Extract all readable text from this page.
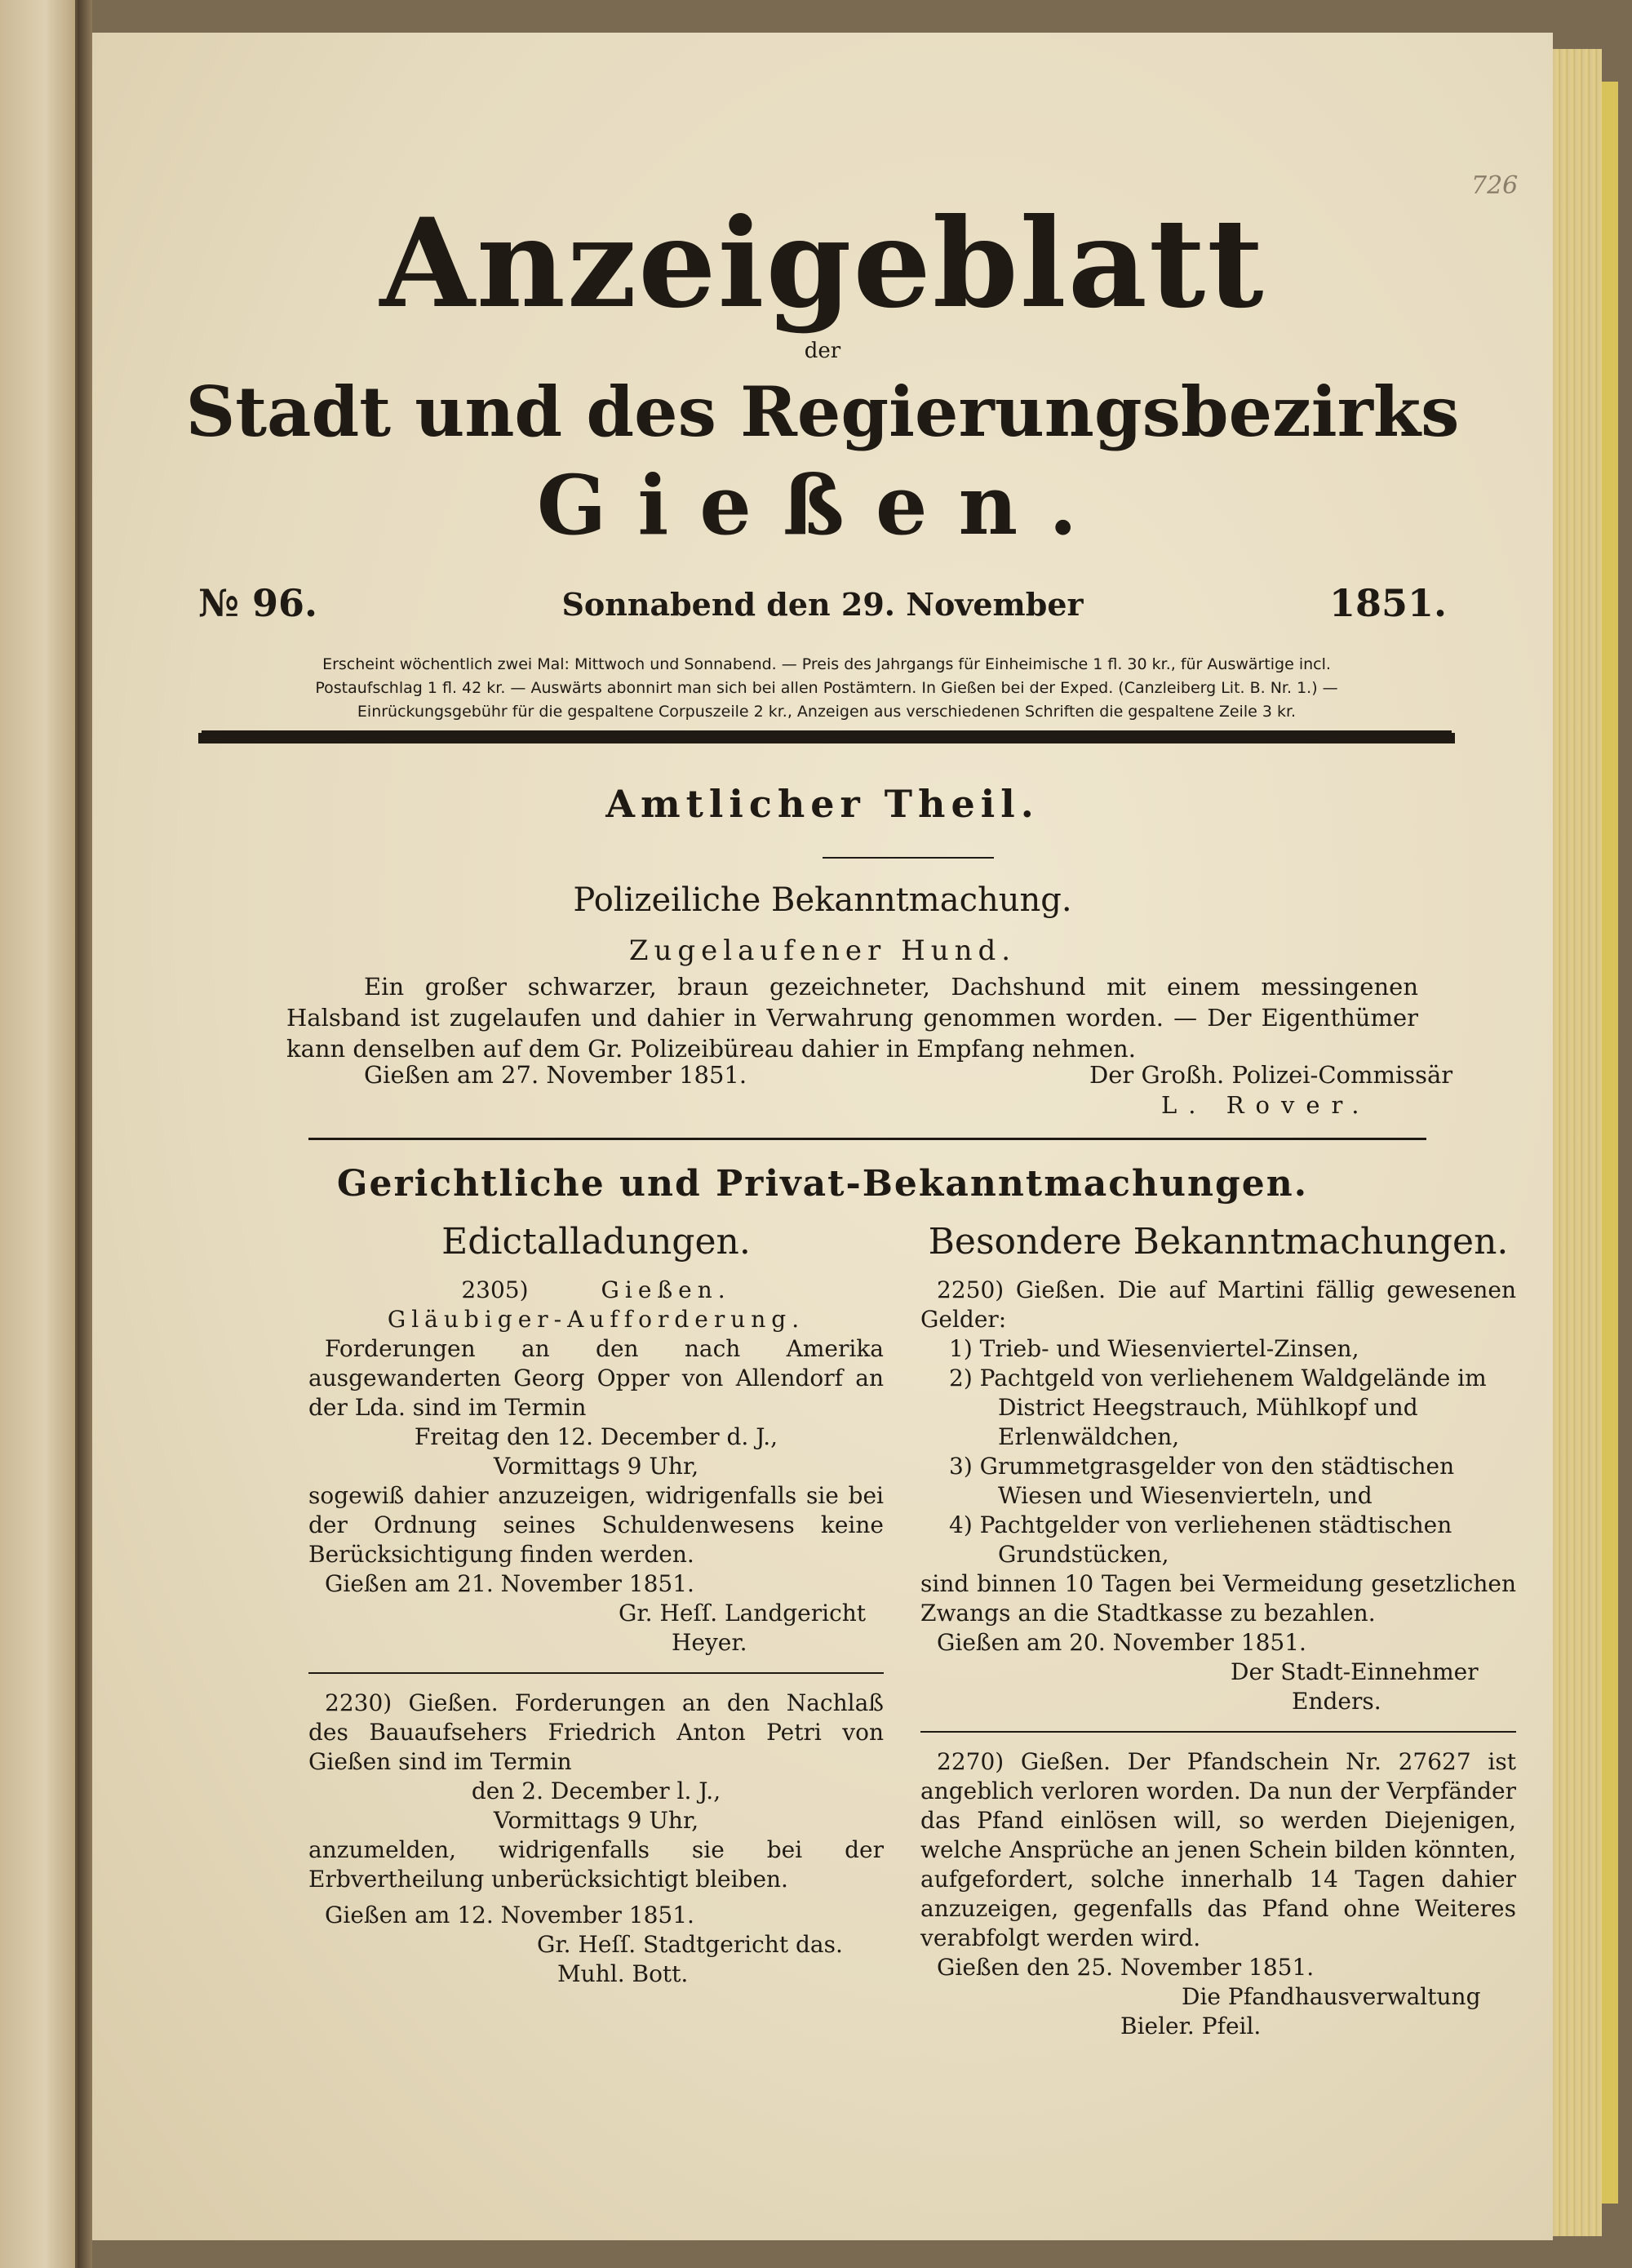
726
Anzeigeblatt
der
Stadt und des Regierungsbezirks
Gießen.
№ 96.	Sonnabend den 29. November	1851.
Erscheint wöchentlich zwei Mal: Mittwoch und Sonnabend. — Preis des Jahrgangs für Einheimische 1 fl. 30 kr., für Auswärtige incl.
Postaufschlag 1 fl. 42 kr. — Auswärts abonnirt man sich bei allen Postämtern. In Gießen bei der Exped. (Canzleiberg Lit. B. Nr. 1.) —
Einrückungsgebühr für die gespaltene Corpuszeile 2 kr., Anzeigen aus verschiedenen Schriften die gespaltene Zeile 3 kr.
Amtlicher Theil.
Polizeiliche Bekanntmachung.
Zugelaufener Hund.

Ein großer schwarzer, braun gezeichneter, Dachshund mit einem messingenen Halsband ist zugelaufen und dahier in Verwahrung genommen worden. — Der Eigenthümer kann denselben auf dem Gr. Polizeibüreau dahier in Empfang nehmen.

Gießen am 27. November 1851.	Der Großh. Polizei-Commissär
L. Rover.
Gerichtliche und Privat-Bekanntmachungen.
Edictalladungen.

2305)	Gießen.

Gläubiger-Aufforderung.

Forderungen an den nach Amerika ausgewanderten Georg Opper von Allendorf an der Lda. sind im Termin

Freitag den 12. December d. J.,

Vormittags 9 Uhr,

sogewiß dahier anzuzeigen, widrigenfalls sie bei der Ordnung seines Schuldenwesens keine Berücksichtigung finden werden.

Gießen am 21. November 1851.

Gr. Heſſ. Landgericht

Heyer.

2230) Gießen. Forderungen an den Nachlaß des Bauaufsehers Friedrich Anton Petri von Gießen sind im Termin

den 2. December l. J.,

Vormittags 9 Uhr,

anzumelden, widrigenfalls sie bei der Erbvertheilung unberücksichtigt bleiben.

Gießen am 12. November 1851.

Gr. Heſſ. Stadtgericht das.

Muhl. Bott.

Besondere Bekanntmachungen.

2250) Gießen. Die auf Martini fällig gewesenen Gelder:

1) Trieb- und Wiesenviertel-Zinsen,

2) Pachtgeld von verliehenem Waldgelände im District Heegstrauch, Mühlkopf und Erlenwäldchen,

3) Grummetgrasgelder von den städtischen Wiesen und Wiesenvierteln, und

4) Pachtgelder von verliehenen städtischen Grundstücken,

sind binnen 10 Tagen bei Vermeidung gesetzlichen Zwangs an die Stadtkasse zu bezahlen.

Gießen am 20. November 1851.

Der Stadt-Einnehmer

Enders.

2270) Gießen. Der Pfandschein Nr. 27627 ist angeblich verloren worden. Da nun der Verpfänder das Pfand einlösen will, so werden Diejenigen, welche Ansprüche an jenen Schein bilden könnten, aufgefordert, solche innerhalb 14 Tagen dahier anzuzeigen, gegenfalls das Pfand ohne Weiteres verabfolgt werden wird.

Gießen den 25. November 1851.

Die Pfandhausverwaltung

Bieler. Pfeil.
